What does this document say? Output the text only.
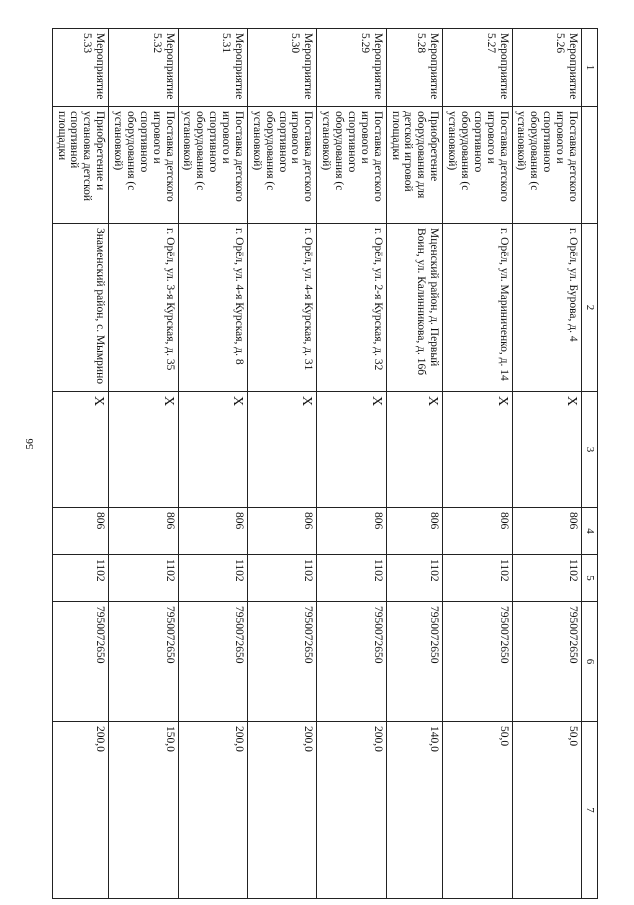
56
1		2	3	4	5	6	7
Мероприятие 5.26	Поставка детского игрового и спортивного оборудования (с установкой)	г. Орёл, ул. Бурова, д. 4	Х	806	1102	7950072650	50,0
Мероприятие 5.27	Поставка детского игрового и спортивного оборудования (с установкой)	г. Орёл, ул. Мариниченко, д. 14	Х	806	1102	7950072650	50,0
Мероприятие 5.28	Приобретение оборудования для детской игровой площадки	Мценский район, д. Первый Воин, ул. Калинникова, д. 16б	Х	806	1102	7950072650	140,0
Мероприятие 5.29	Поставка детского игрового и спортивного оборудования (с установкой)	г. Орёл, ул. 2-я Курская, д. 32	Х	806	1102	7950072650	200,0
Мероприятие 5.30	Поставка детского игрового и спортивного оборудования (с установкой)	г. Орёл, ул. 4-я Курская, д. 31	Х	806	1102	7950072650	200,0
Мероприятие 5.31	Поставка детского игрового и спортивного оборудования (с установкой)	г. Орёл, ул. 4-я Курская, д. 8	Х	806	1102	7950072650	200,0
Мероприятие 5.32	Поставка детского игрового и спортивного оборудования (с установкой)	г. Орёл, ул. 3-я Курская, д. 35	Х	806	1102	7950072650	150,0
Мероприятие 5.33	Приобретение и установка детской спортивной площадки	Знаменский район, с. Мымрино	Х	806	1102	7950072650	200,0
